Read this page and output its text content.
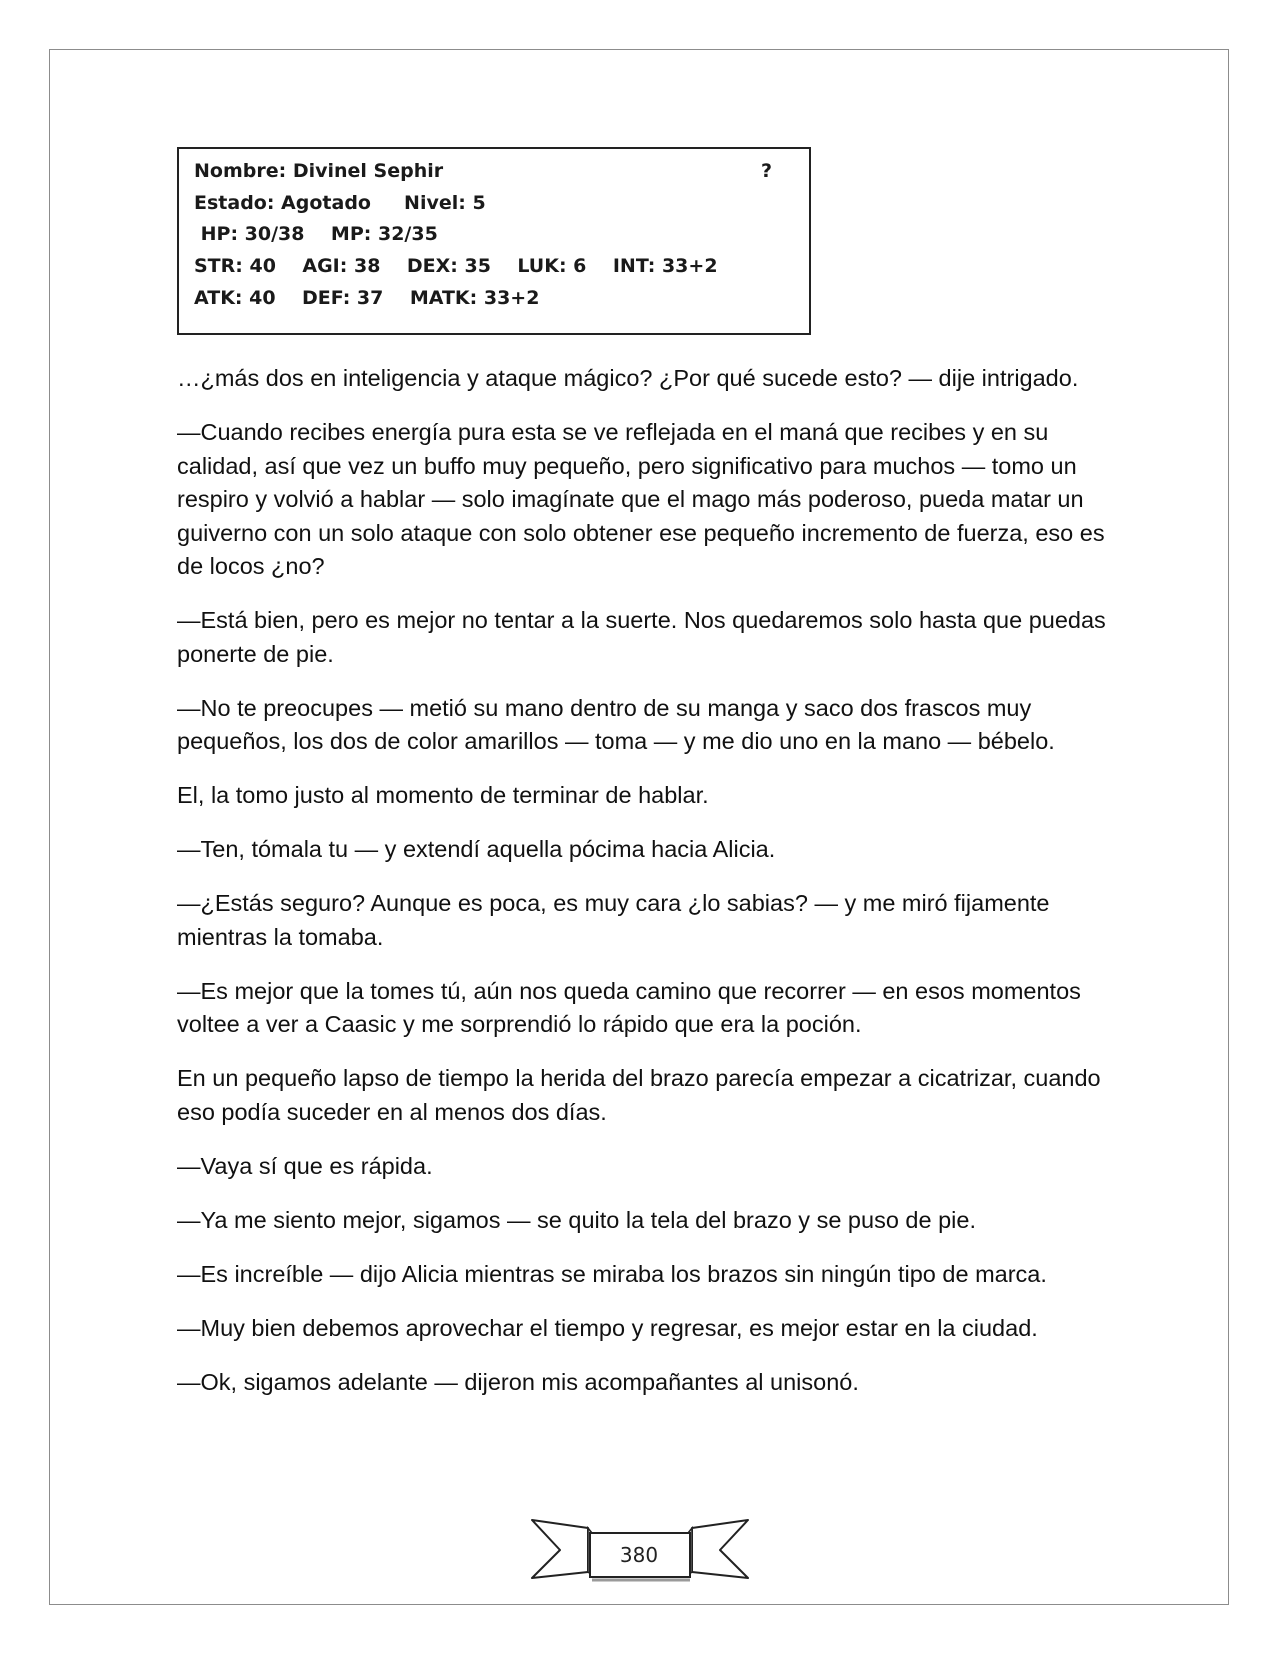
Nombre: Divinel Sephir	?
Estado: Agotado     Nivel: 5
HP: 30/38    MP: 32/35
STR: 40    AGI: 38    DEX: 35    LUK: 6    INT: 33+2
ATK: 40    DEF: 37    MATK: 33+2

…¿más dos en inteligencia y ataque mágico? ¿Por qué sucede esto? — dije intrigado.

—Cuando recibes energía pura esta se ve reflejada en el maná que recibes y en su calidad, así que vez un buffo muy pequeño, pero significativo para muchos — tomo un respiro y volvió a hablar — solo imagínate que el mago más poderoso, pueda matar un guiverno con un solo ataque con solo obtener ese pequeño incremento de fuerza, eso es de locos ¿no?

—Está bien, pero es mejor no tentar a la suerte. Nos quedaremos solo hasta que puedas ponerte de pie.

—No te preocupes — metió su mano dentro de su manga y saco dos frascos muy pequeños, los dos de color amarillos — toma — y me dio uno en la mano — bébelo.

El, la tomo justo al momento de terminar de hablar.

—Ten, tómala tu — y extendí aquella pócima hacia Alicia.

—¿Estás seguro? Aunque es poca, es muy cara ¿lo sabias? — y me miró fijamente mientras la tomaba.

—Es mejor que la tomes tú, aún nos queda camino que recorrer — en esos momentos voltee a ver a Caasic y me sorprendió lo rápido que era la poción.

En un pequeño lapso de tiempo la herida del brazo parecía empezar a cicatrizar, cuando eso podía suceder en al menos dos días.

—Vaya sí que es rápida.

—Ya me siento mejor, sigamos — se quito la tela del brazo y se puso de pie.

—Es increíble — dijo Alicia mientras se miraba los brazos sin ningún tipo de marca.

—Muy bien debemos aprovechar el tiempo y regresar, es mejor estar en la ciudad.

—Ok, sigamos adelante — dijeron mis acompañantes al unisonó.

380
